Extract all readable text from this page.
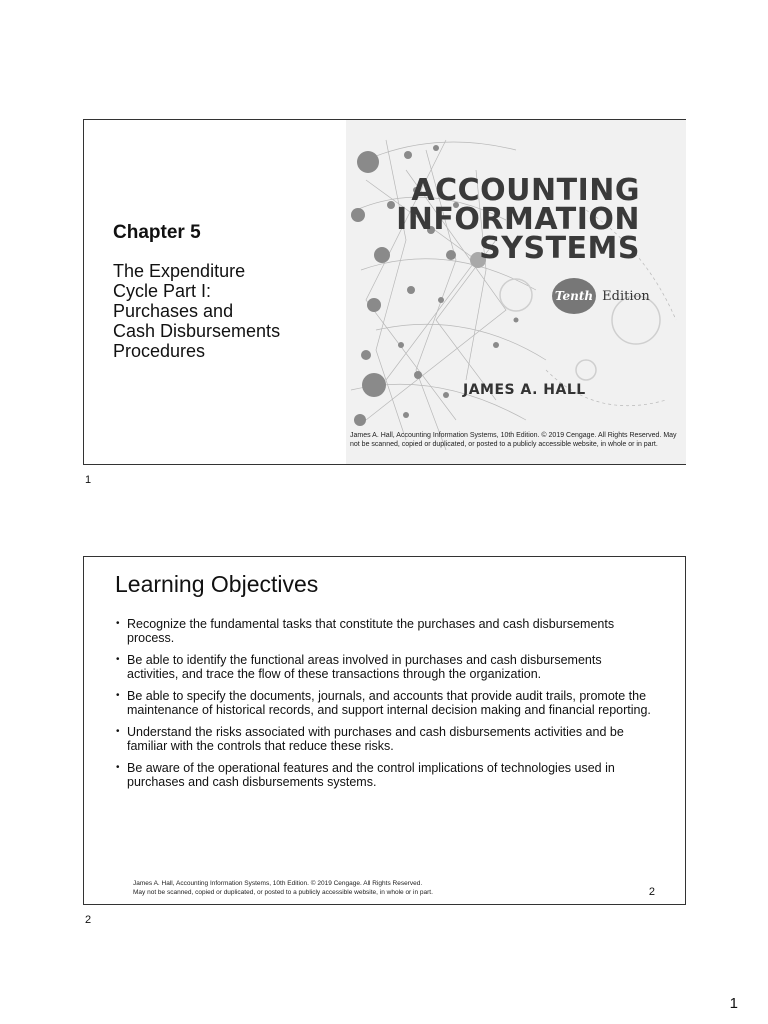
Chapter 5
The Expenditure
Cycle Part I:
Purchases and
Cash Disbursements
Procedures
ACCOUNTING
INFORMATION
SYSTEMS
Tenth Edition
JAMES A. HALL
James A. Hall, Accounting Information Systems, 10th Edition. © 2019 Cengage. All Rights Reserved. May not be scanned, copied or duplicated, or posted to a publicly accessible website, in whole or in part.
1
Learning Objectives
• Recognize the fundamental tasks that constitute the purchases and cash disbursements process.
• Be able to identify the functional areas involved in purchases and cash disbursements activities, and trace the flow of these transactions through the organization.
• Be able to specify the documents, journals, and accounts that provide audit trails, promote the maintenance of historical records, and support internal decision making and financial reporting.
• Understand the risks associated with purchases and cash disbursements activities and be familiar with the controls that reduce these risks.
• Be aware of the operational features and the control implications of technologies used in purchases and cash disbursements systems.
James A. Hall, Accounting Information Systems, 10th Edition. © 2019 Cengage. All Rights Reserved.
May not be scanned, copied or duplicated, or posted to a publicly accessible website, in whole or in part.	2
2
1
